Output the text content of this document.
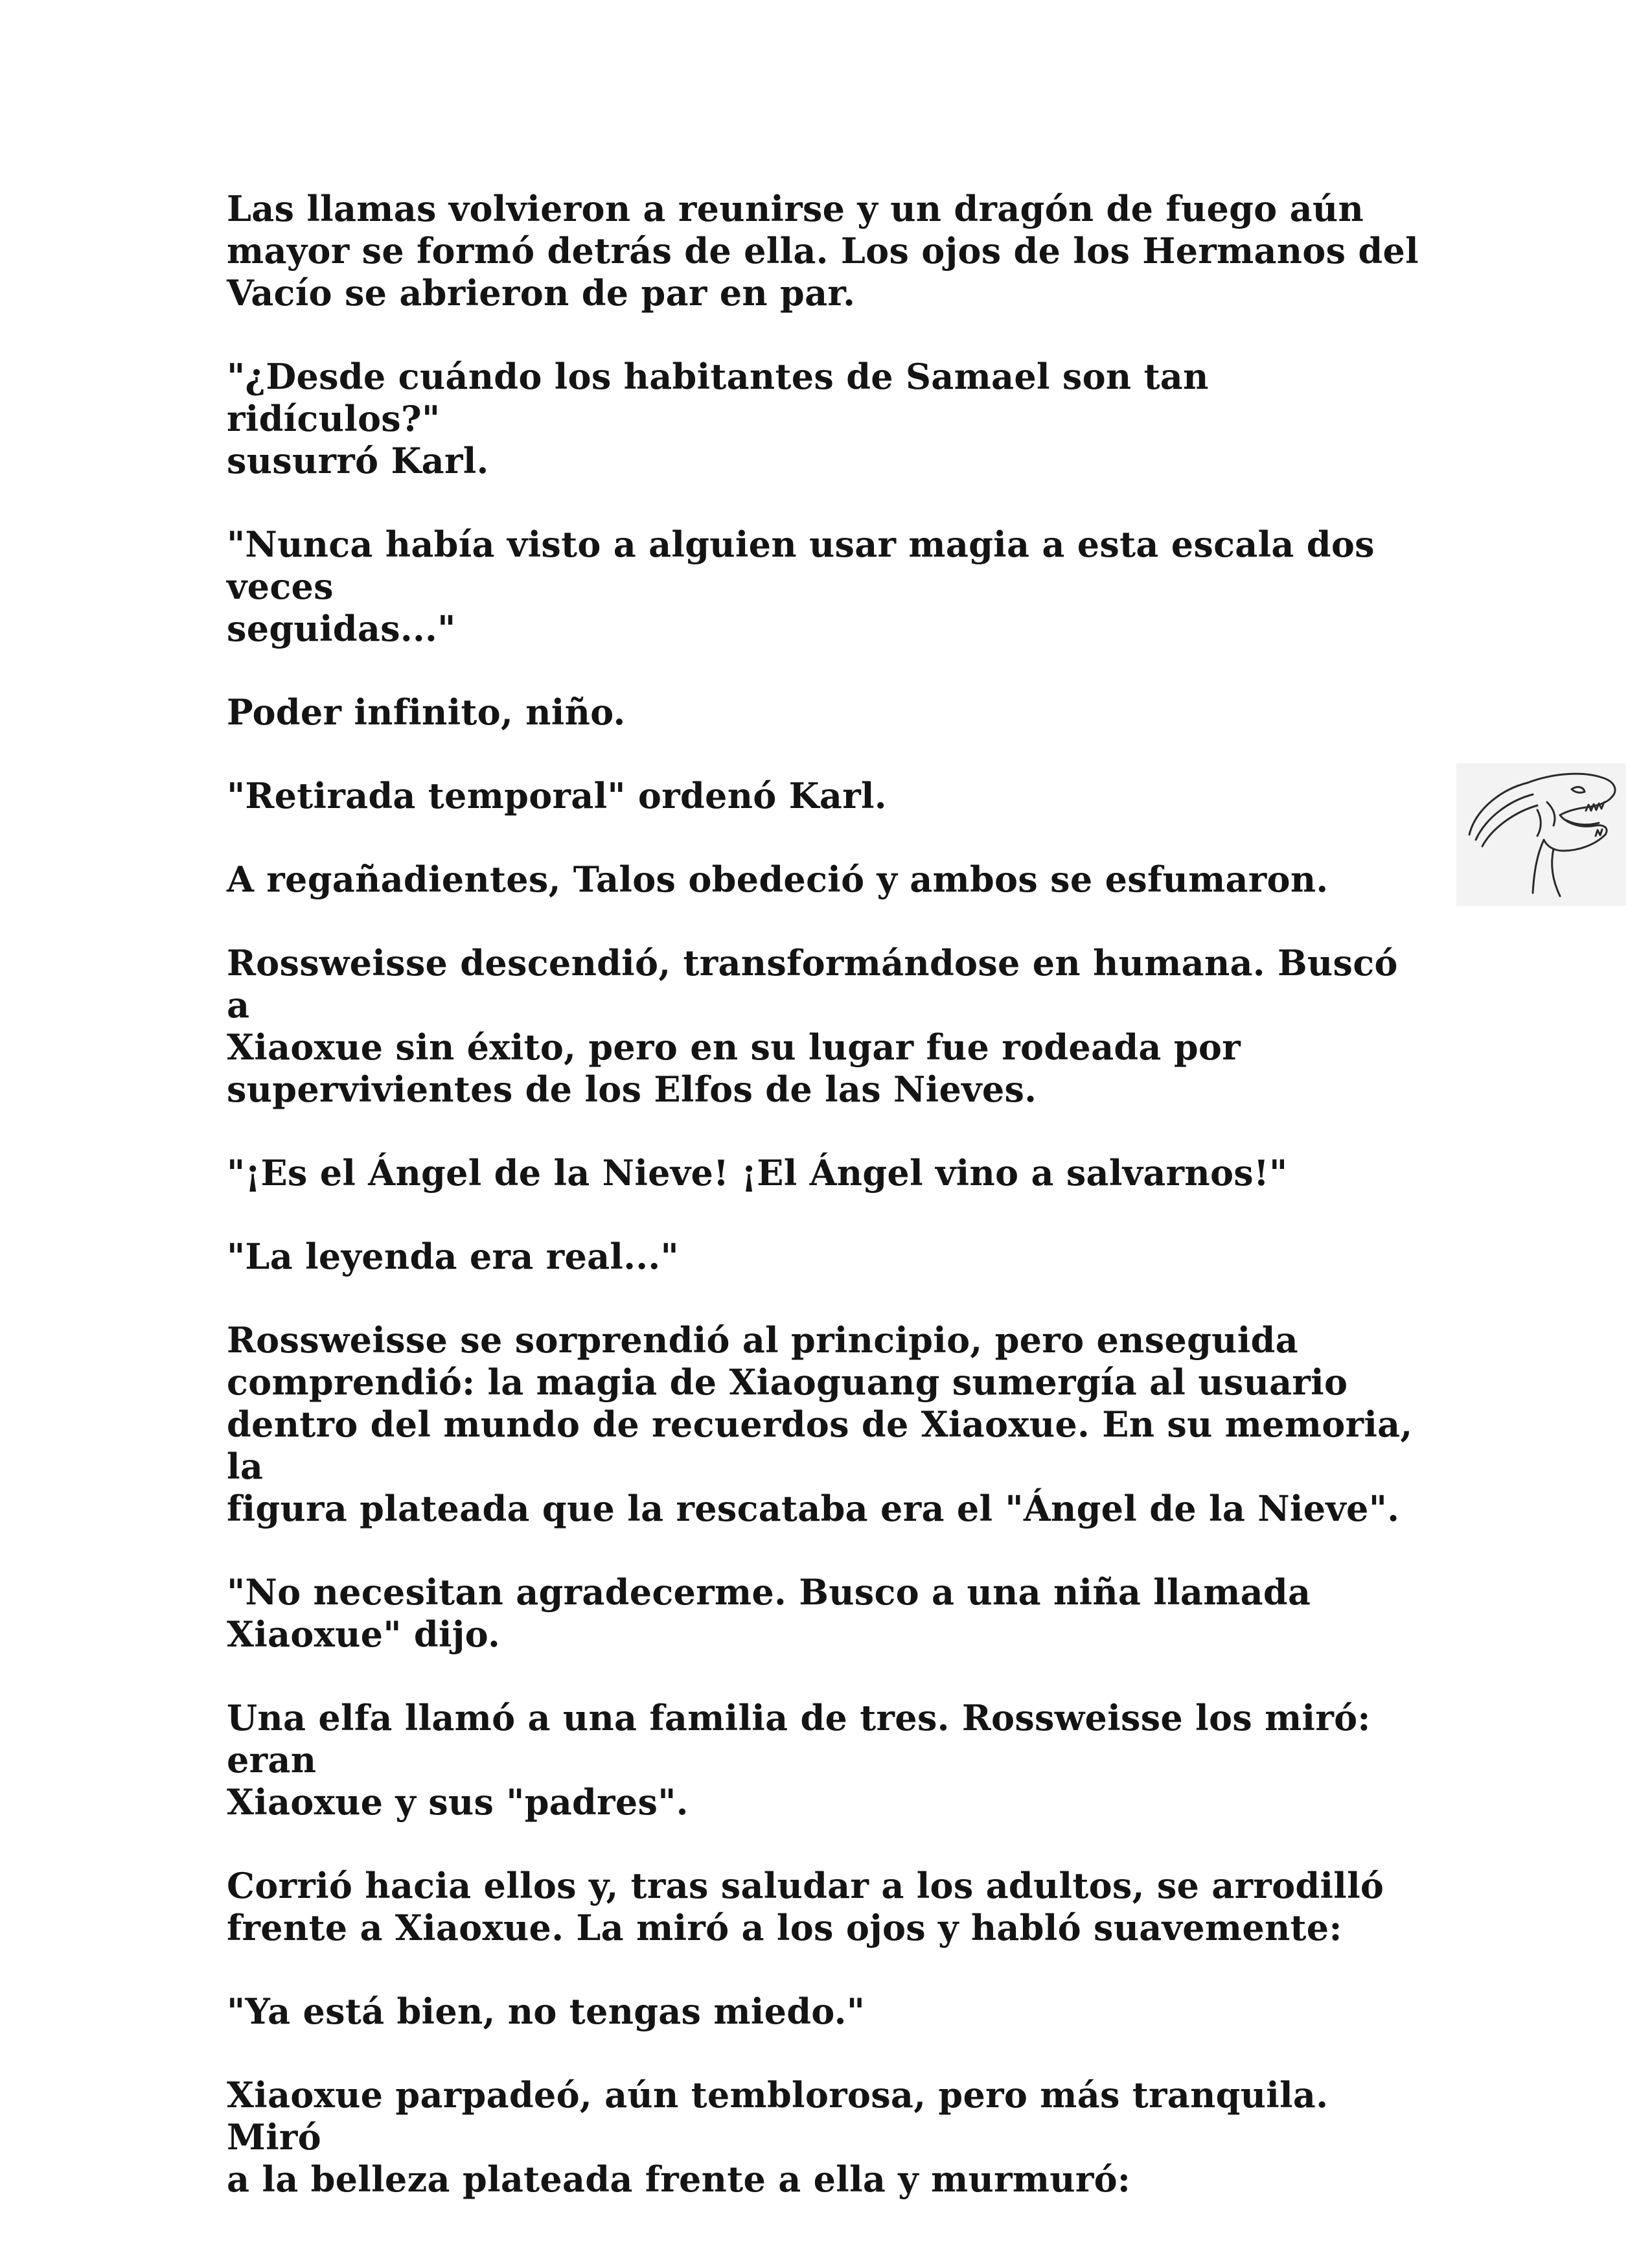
Las llamas volvieron a reunirse y un dragón de fuego aún
mayor se formó detrás de ella. Los ojos de los Hermanos del
Vacío se abrieron de par en par.

"¿Desde cuándo los habitantes de Samael son tan ridículos?"
susurró Karl.

"Nunca había visto a alguien usar magia a esta escala dos veces
seguidas..."

Poder infinito, niño.

"Retirada temporal" ordenó Karl.

A regañadientes, Talos obedeció y ambos se esfumaron.

Rossweisse descendió, transformándose en humana. Buscó a
Xiaoxue sin éxito, pero en su lugar fue rodeada por
supervivientes de los Elfos de las Nieves.

"¡Es el Ángel de la Nieve! ¡El Ángel vino a salvarnos!"

"La leyenda era real..."

Rossweisse se sorprendió al principio, pero enseguida
comprendió: la magia de Xiaoguang sumergía al usuario
dentro del mundo de recuerdos de Xiaoxue. En su memoria, la
figura plateada que la rescataba era el "Ángel de la Nieve".

"No necesitan agradecerme. Busco a una niña llamada
Xiaoxue" dijo.

Una elfa llamó a una familia de tres. Rossweisse los miró: eran
Xiaoxue y sus "padres".

Corrió hacia ellos y, tras saludar a los adultos, se arrodilló
frente a Xiaoxue. La miró a los ojos y habló suavemente:

"Ya está bien, no tengas miedo."

Xiaoxue parpadeó, aún temblorosa, pero más tranquila. Miró
a la belleza plateada frente a ella y murmuró:
